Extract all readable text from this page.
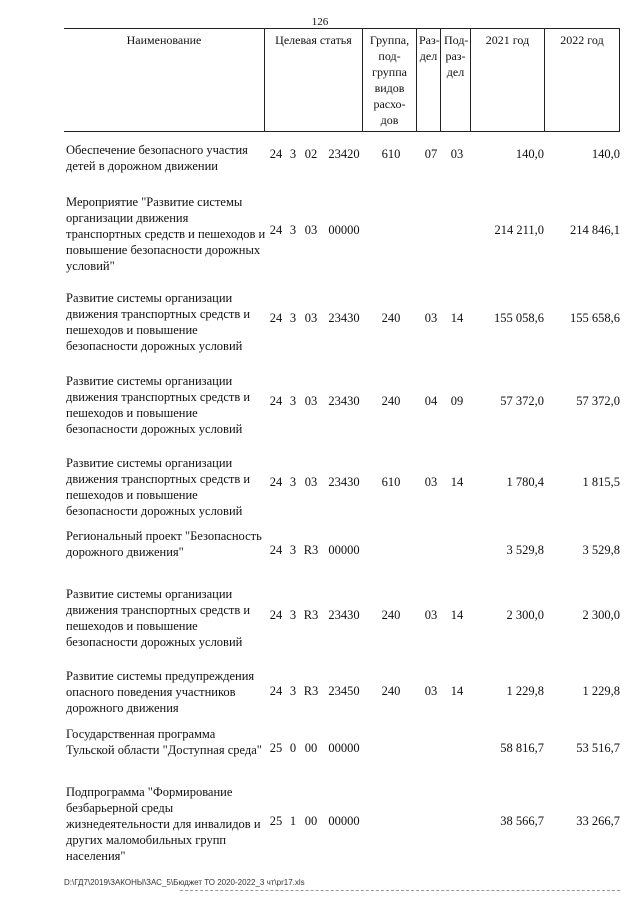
126
Наименование	Целевая статья	Группа, под- группа видов расхо- дов
Раз- дел
Под- раз- дел
2021 год	2022 год
Обеспечение безопасного участия детей в дорожном движении
24 3 02 23420	610	07	03	140,0	140,0
Мероприятие "Развитие системы организации движения транспортных средств и пешеходов и повышение безопасности дорожных условий"
24 3 03 00000	214 211,0	214 846,1
Развитие системы организации движения транспортных средств и пешеходов и повышение безопасности дорожных условий
24 3 03 23430	240	03	14	155 058,6	155 658,6
Развитие системы организации движения транспортных средств и пешеходов и повышение безопасности дорожных условий
24 3 03 23430	240	04	09	57 372,0	57 372,0
Развитие системы организации движения транспортных средств и пешеходов и повышение безопасности дорожных условий
24 3 03 23430	610	03	14	1 780,4	1 815,5
Региональный проект "Безопасность дорожного движения"	24 3 R3 00000	3 529,8	3 529,8
Развитие системы организации движения транспортных средств и пешеходов и повышение безопасности дорожных условий
24 3 R3 23430	240	03	14	2 300,0	2 300,0
Развитие системы предупреждения опасного поведения участников дорожного движения
24 3 R3 23450	240	03	14	1 229,8	1 229,8
Государственная программа Тульской области "Доступная среда" 25 0 00 00000	58 816,7	53 516,7
Подпрограмма "Формирование безбарьерной среды жизнедеятельности для инвалидов и других маломобильных групп населения"
25 1 00 00000	38 566,7	33 266,7
D:\ГД7\2019\ЗАКОНЫ\ЗАС_5\Бюджет ТО 2020-2022_3 чт\pr17.xls
